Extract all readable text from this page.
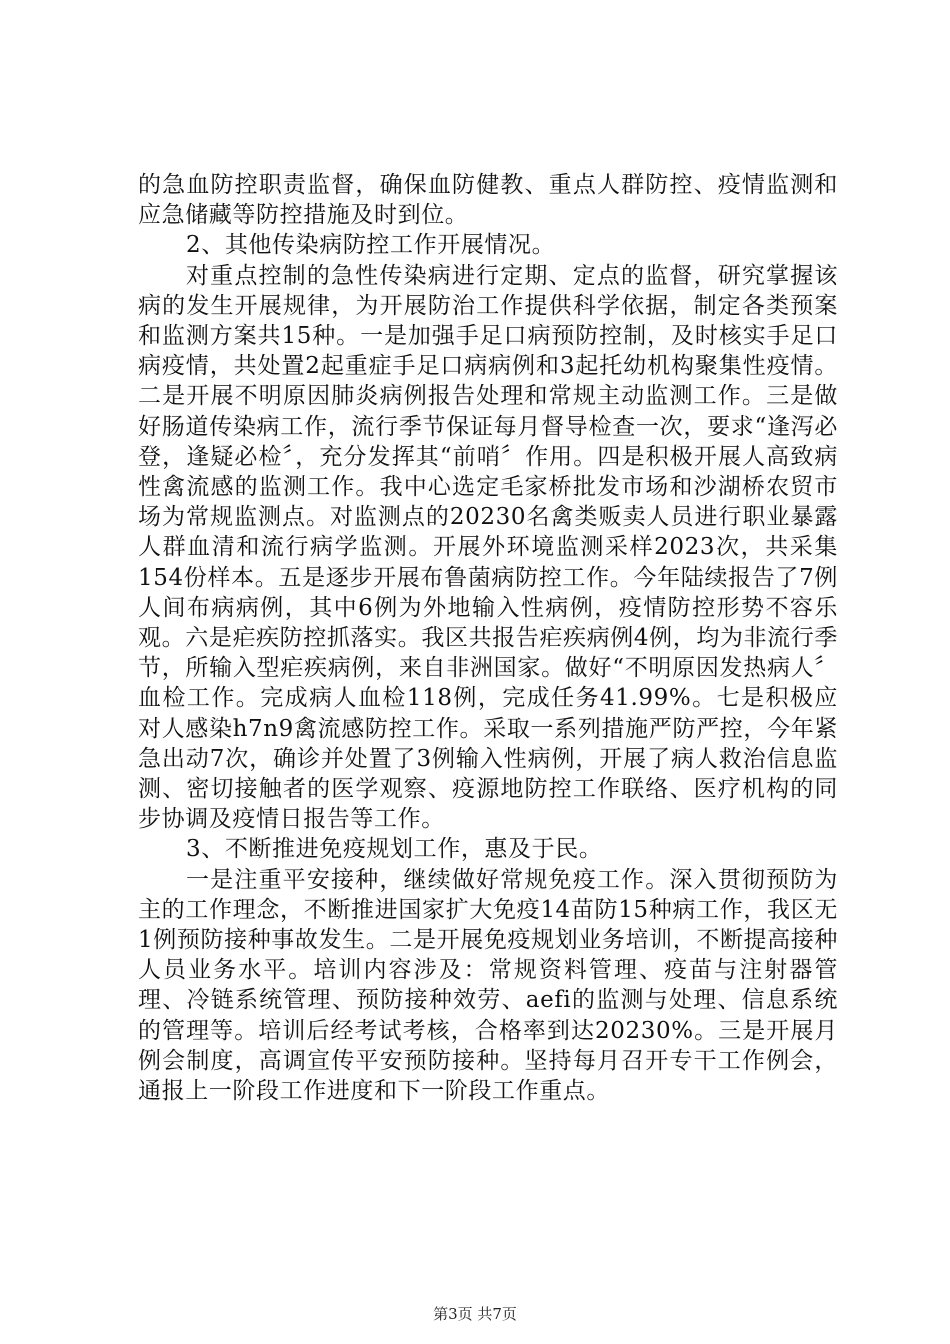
的急血防控职责监督，确保血防健教、重点人群防控、疫情监测和应急储藏等防控措施及时到位。

2、其他传染病防控工作开展情况。

对重点控制的急性传染病进行定期、定点的监督，研究掌握该病的发生开展规律，为开展防治工作提供科学依据，制定各类预案和监测方案共15种。一是加强手足口病预防控制，及时核实手足口病疫情，共处置2起重症手足口病病例和3起托幼机构聚集性疫情。二是开展不明原因肺炎病例报告处理和常规主动监测工作。三是做好肠道传染病工作，流行季节保证每月督导检查一次，要求“逢泻必登，逢疑必检〞，充分发挥其“前哨〞作用。四是积极开展人高致病性禽流感的监测工作。我中心选定毛家桥批发市场和沙湖桥农贸市场为常规监测点。对监测点的20230名禽类贩卖人员进行职业暴露人群血清和流行病学监测。开展外环境监测采样2023次，共采集154份样本。五是逐步开展布鲁菌病防控工作。今年陆续报告了7例人间布病病例，其中6例为外地输入性病例，疫情防控形势不容乐观。六是疟疾防控抓落实。我区共报告疟疾病例4例，均为非流行季节，所输入型疟疾病例，来自非洲国家。做好“不明原因发热病人〞血检工作。完成病人血检118例，完成任务41.99%。七是积极应对人感染h7n9禽流感防控工作。采取一系列措施严防严控，今年紧急出动7次，确诊并处置了3例输入性病例，开展了病人救治信息监测、密切接触者的医学观察、疫源地防控工作联络、医疗机构的同步协调及疫情日报告等工作。

3、不断推进免疫规划工作，惠及于民。

一是注重平安接种，继续做好常规免疫工作。深入贯彻预防为主的工作理念，不断推进国家扩大免疫14苗防15种病工作，我区无1例预防接种事故发生。二是开展免疫规划业务培训，不断提高接种人员业务水平。培训内容涉及：常规资料管理、疫苗与注射器管理、冷链系统管理、预防接种效劳、aefi的监测与处理、信息系统的管理等。培训后经考试考核，合格率到达20230%。三是开展月例会制度，高调宣传平安预防接种。坚持每月召开专干工作例会，通报上一阶段工作进度和下一阶段工作重点。

第3页 共7页
